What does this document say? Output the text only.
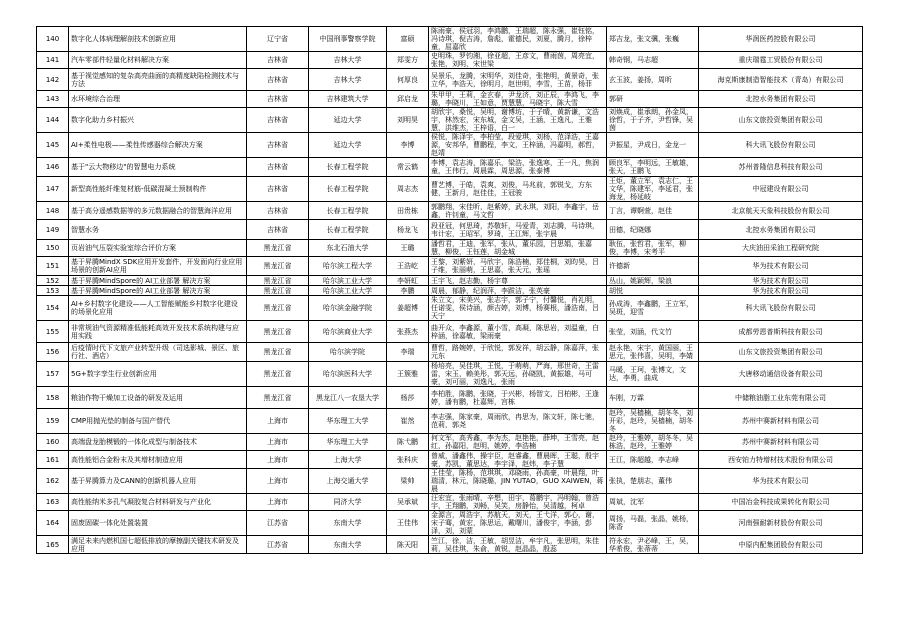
140	数字化人体病理解剖技术创新应用	辽宁省	中国刑事警察学院	富硕	陈雨豪，侯冠羽，李鸿鹏，王瑞超，陈永强，崔钰铭，冯诗琪，倪吉涛，詹彪，霍德民，刘夏，腾月，徐梓童，屈嘉欣	郑吉龙，张文骥，张巍	华润医药控股有限公司
141	汽车零部件轻量化材料解决方案	吉林省	吉林大学	郑雯方	史明珠，罗钧湘，徐亚超，王彦文，曹雨茵，周亮宜，张艳，刘明，宋世梁	韩奇钢，马志超	重庆瑞霆工贸股份有限公司
142	基于视觉感知的复杂高亮曲面的高精度缺陷检测技术与方法	吉林省	吉林大学	何厚良	吴景乐，龙腾，宋明华，刘佳奇，张艳明，黄景奇，张立华，李浩天，徐明月，赵世明，李雪，王苗，杨菲	玄玉波，姜扬，周昕	海克斯康制造智能技术（青岛）有限公司
143	水环境综合治理	吉林省	吉林建筑大学	邱启龙	朱甲甲，王莉，金玄春，尹龙济，刘正辰，李鸿飞，李璐，李晓川，王如意，贾慧慧，马晓宇，陈大雪	郭研	北控水务集团有限公司
144	数字化助力乡村振兴	吉林省	延边大学	刘明昊	胡欣宇，桑悦，吴明，谢博坊，于子晴，黄新谦，文浩宇，林然宏，宋东城，金文吴，王涵，王逸凡，王雅慧，洪维杰，王梓语，白一	刘焕成，崔承朗，孙金凤，徐哲，于子齐，尹哲锋，吴茵	山东文旅投资集团有限公司
145	AI+柔性电极——柔性传感器综合解决方案	吉林省	延边大学	李博	侯悦，陈泽宇，李柏莹，段爱琪，刘杨，范泽浩，王嘉源，安邦华，曹鹏程，李文，王梓涵，冯嘉明，郝哲，赵靖	尹振星，尹成日，金龙一	科大讯飞股份有限公司
146	基于"云大物移边"的智慧电力系统	吉林省	长春工程学院	常云鹤	李博，袁志涛，陈嘉乐，梁浩，张逸寒，王一凡，焦润童，王伟行，周晨霖，周思源，张泰博	顾良军，李明远，王敏雄，张天，王鹏飞	苏州普隆信息科技有限公司
147	新型高性能纤维复材筋-低碳混凝土预制构件	吉林省	长春工程学院	周志杰	曹艺博，于皓，袁爽，刘俊，马兆前，郭锐戈，方东健，王新月，赵佳佳，王冠骏	王炬，董立军，袁志仁，王文华，陈建军，李延君，张海龙，杨延岐	中冠建设有限公司
148	基于高分遥感数据等的多元数据融合的智慧海洋应用	吉林省	长春工程学院	田贵栋	郭鹏翔，宋佳昕，赵紫婷，武永琪，刘阳，李鑫宇，岳鑫，许钊童，马文哲	丁言，谭婀萱，赵佳	北京航天天象科技股份有限公司
149	智慧水务	吉林省	长春工程学院	杨龙飞	段亚冠，何思琦，苏敬轩，马爱青，刘志腾，马诗琪，韦计宏，王昭军，罗琦，王江辉，张宇晨	田德，纪晓娜	北控水务集团有限公司
150	页岩油气压裂实验室综合评价方案	黑龙江省	东北石油大学	王璐	潘哲君，王迪，张军，张从，董乐园，吕思娟，张嘉慧，柳俊，王钰莲，胡金城	耿伍，张哲君，张军，柳俊，李博，宋考平	大庆油田采油工程研究院
151	基于昇腾MindX SDK应用开发套件，开发面向行业应用场景的创新AI应用	黑龙江省	哈尔滨工程大学	王浩屹	王黎，刘紫妍，马欣宇，陈浩楠，郑佳桐，刘昀昊，吕子维，张丽萌，王思嘉，张天元，张瑶	许德新	华为技术有限公司
152	基于昇腾MindSpore的 AI工业部署 解决方案	黑龙江省	哈尔滨工业大学	李妍虹	王宇飞，赵志勤，杨宇尊	丛山，姚颖辉，梁浪	华为技术有限公司
153	基于昇腾MindSpore的 AI工业部署 解决方案	黑龙江省	哈尔滨工业大学	李鹏	周晨，郁静，纪润萍，李跋洁，张英豪	胡悦	华为技术有限公司
154	AI+乡村数字化建设——人工智能赋能乡村数字化建设的场景化应用	黑龙江省	哈尔滨金融学院	姜超博	朱立文，宋美兴，张志宇，郭子宁，付馨悦，肖礼明，任诺雯，侯诗涵，颜吉婷，刘博，杨赛根，潘浩南，吕天宁	孙成涛，李鑫鹏，王立军，吴斑，迎雪	科大讯飞股份有限公司
155	非常规油气资源精准低能耗高效开发技术系统构建与应用实践	黑龙江省	哈尔滨商业大学	张燕杰	曲开众，李鑫源，董小雪，高凝，陈思岩，刘温童，白梓涵，徐嘉敏，梁雨豪	张莹，刘涵，代文竹	成都劳恩普斯科技有限公司
156	后疫情时代下文旅产业转型升级（司选影城、景区、旅行社、酒店）	黑龙江省	哈尔滨学院	李瑞	曹哲，路婉婷，于欣悦，郭发祥，胡云静，陈嘉萍，张元东	赵永艳，宋宇，黄国丽，王思元，张伟喜，吴明，李婧	山东文旅投资集团有限公司
157	5G+数字孪生行业创新应用	黑龙江省	哈尔滨医科大学	王簇雅	杨培亮，吴佳琪，王悦，于萌萌，严海，邢世奇，王雷雷，宋玉，赖美彤，郭天远，孙晓凯，黄振雄，马可豪，刘可丽，刘逸凡，张雨	马暖，王珂，张博文，文达，李勇，曲成	大唐移动通信设备有限公司
158	粮油作物干燥加工设备的研发及运用	黑龙江省	黑龙江八一农垦大学	杨莎	李柏胜，陈鹏，张晓，于兴彬，杨智文，吕柏彬，王逢婷，潘有鹏，杜嘉辉，宫栋	车刚，万霖	中储粮油脂工业东莞有限公司
159	CMP用抛光垫的制备与国产替代	上海市	华东理工大学	崔然	李志强，陈家豪，周雨欣，冉思为，陈文轩，陈七驰，范莉，郭尧	赵玲，吴樯楠，胡冬冬，刘开彩，赵玲，吴樯楠，胡冬冬	苏州中赛新材料有限公司
160	高端盘龙胎模锻的一体化成型与制备技术	上海市	华东理工大学	陈弋鹏	何文军，高秀鑫，李为杰，赵艳艳，薛坤，王雪亮，赵红，孙嘉阳，赵明，姚婷，李浩楠	赵玲，王雅婷，胡冬冬，吴栋浩，赵玲，王雅婷	苏州中赛新材料有限公司
161	高性能铝合金粉末及其增材制造应用	上海市	上海大学	张科庆	曾威，潘鑫伟，操宇臣，赵睿鑫，曹晨晖，王聪，殷宇豪，苏凯，董思达，李宇泽，赵炜，李子慧	王江，陈超越，李志峰	西安铂力特增材技术股份有限公司
162	基于昇腾算力及CANN的创新机器人应用	上海市	上海交通大学	梁帅	王佳莹，陈杨，范琪琪，邓晓雨，孙高豪，叶晨翔，叶瑞清，林元，陈晓璐，JIN YUTAO，GUO XAIWEN，蒋晨	张执，楚朋志，董伟	华为技术有限公司
163	高性能纳米多孔气凝胶复合材料研发与产业化	上海市	同济大学	吴承斌	汪宏宜，张雨晴，辛想，田宇，葛鹏宇，冯明翰，曾浩宇，王翔鹏，刘畅，吴笑，房静怡，吴清越，柯卓	周斌，沈军	中国冶金科技成果转化有限公司
164	固废固碳一体化处置装置	江苏省	东南大学	王佳伟	金源言，周浩宇，苏航天，刘天，王弋洋，郭心，谢，宋子骞，黄宏，陈思运，戴曙川，潘俊宇，李涵，彭泽，刘，刘蒙	周扬，马磊，张晶，姚杨，陈香	河南强耐新材股份有限公司
165	满足未来内燃机国七超低排放的摩擦副关键技术研发及应用	江苏省	东南大学	陈天阳	竺江，徐，洁，王敏，胡昱洁，牟宇凡，张思明，朱佳莉，吴佳琪，朱俞，黄锐，赵晶晶，殷蕊	符永宏，尹必峰，王，吴，华希俊，张蒂蒂	中原内配集团股份有限公司
